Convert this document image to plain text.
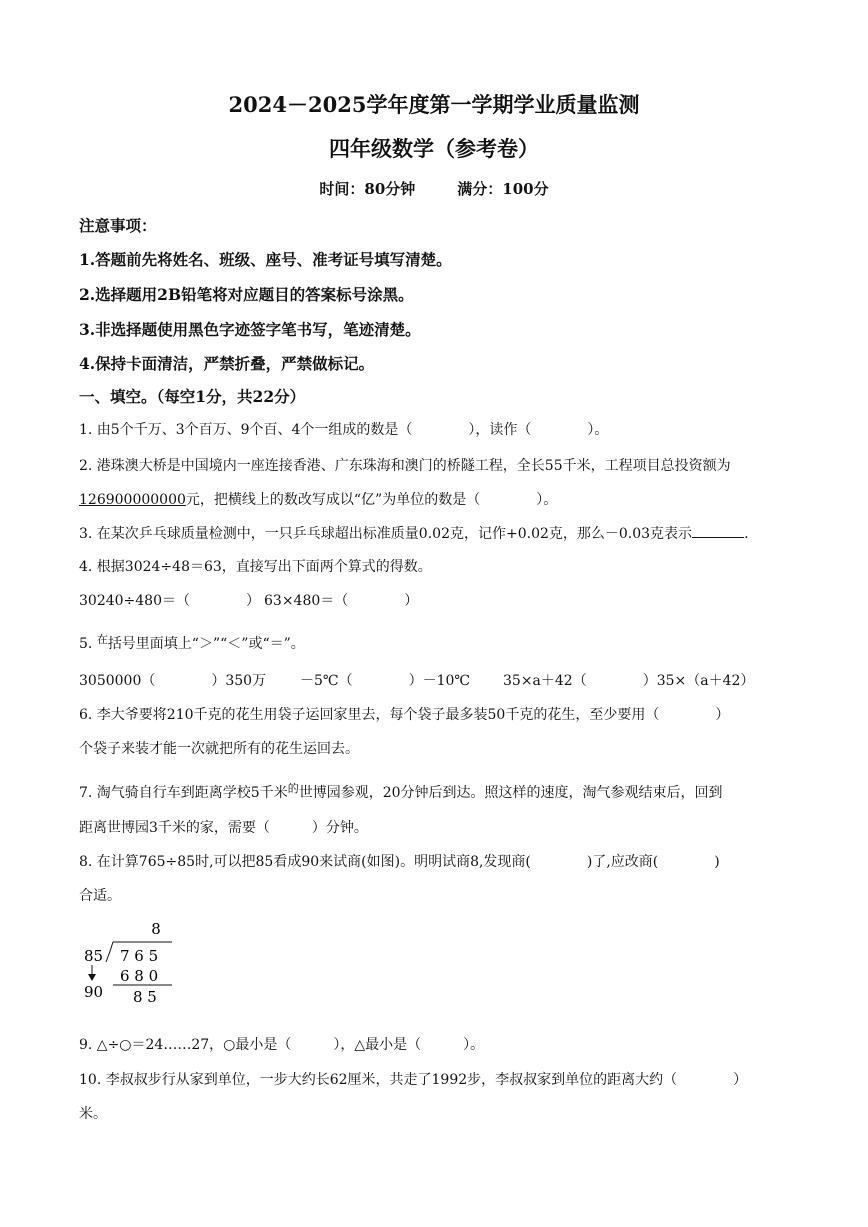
2024－2025学年度第一学期学业质量监测
四年级数学（参考卷）
时间：80分钟	满分：100分
注意事项：
1.答题前先将姓名、班级、座号、准考证号填写清楚。
2.选择题用2B铅笔将对应题目的答案标号涂黑。
3.非选择题使用黑色字迹签字笔书写，笔迹清楚。
4.保持卡面清洁，严禁折叠，严禁做标记。
一、填空。（每空1分，共22分）
1. 由5个千万、3个百万、9个百、4个一组成的数是（　　　　），读作（　　　　）。
2. 港珠澳大桥是中国境内一座连接香港、广东珠海和澳门的桥隧工程，全长55千米，工程项目总投资额为
126900000000元，把横线上的数改写成以“亿”为单位的数是（　　　　）。
3. 在某次乒乓球质量检测中，一只乒乓球超出标准质量0.02克，记作+0.02克，那么－0.03克表示	.
4. 根据3024÷48＝63，直接写出下面两个算式的得数。
30240÷480＝（　　　　） 63×480＝（　　　　）
5. $^在$括号里面填上“＞”“＜”或“＝”。
3050000（　　　　）350万 －5℃（　　　　）－10℃ 35×a＋42（　　　　）35×（a＋42）
6. 李大爷要将210千克的花生用袋子运回家里去，每个袋子最多装50千克的花生，至少要用（　　　　）
个袋子来装才能一次就把所有的花生运回去。
7. 淘气骑自行车到距离学校5千米$^的$世博园参观，20分钟后到达。照这样的速度，淘气参观结束后，回到
距离世博园3千米的家，需要（　　　）分钟。
8. 在计算765÷85时,可以把85看成90来试商(如图)。明明试商8,发现商(　　　　)了,应改商(　　　　)
合适。
8
85 7 6 5
6 8 0
90 8 5
9. △÷○＝24……27，○最小是（　　　），△最小是（　　　）。
10. 李叔叔步行从家到单位，一步大约长62厘米，共走了1992步，李叔叔家到单位的距离大约（　　　　）
米。
